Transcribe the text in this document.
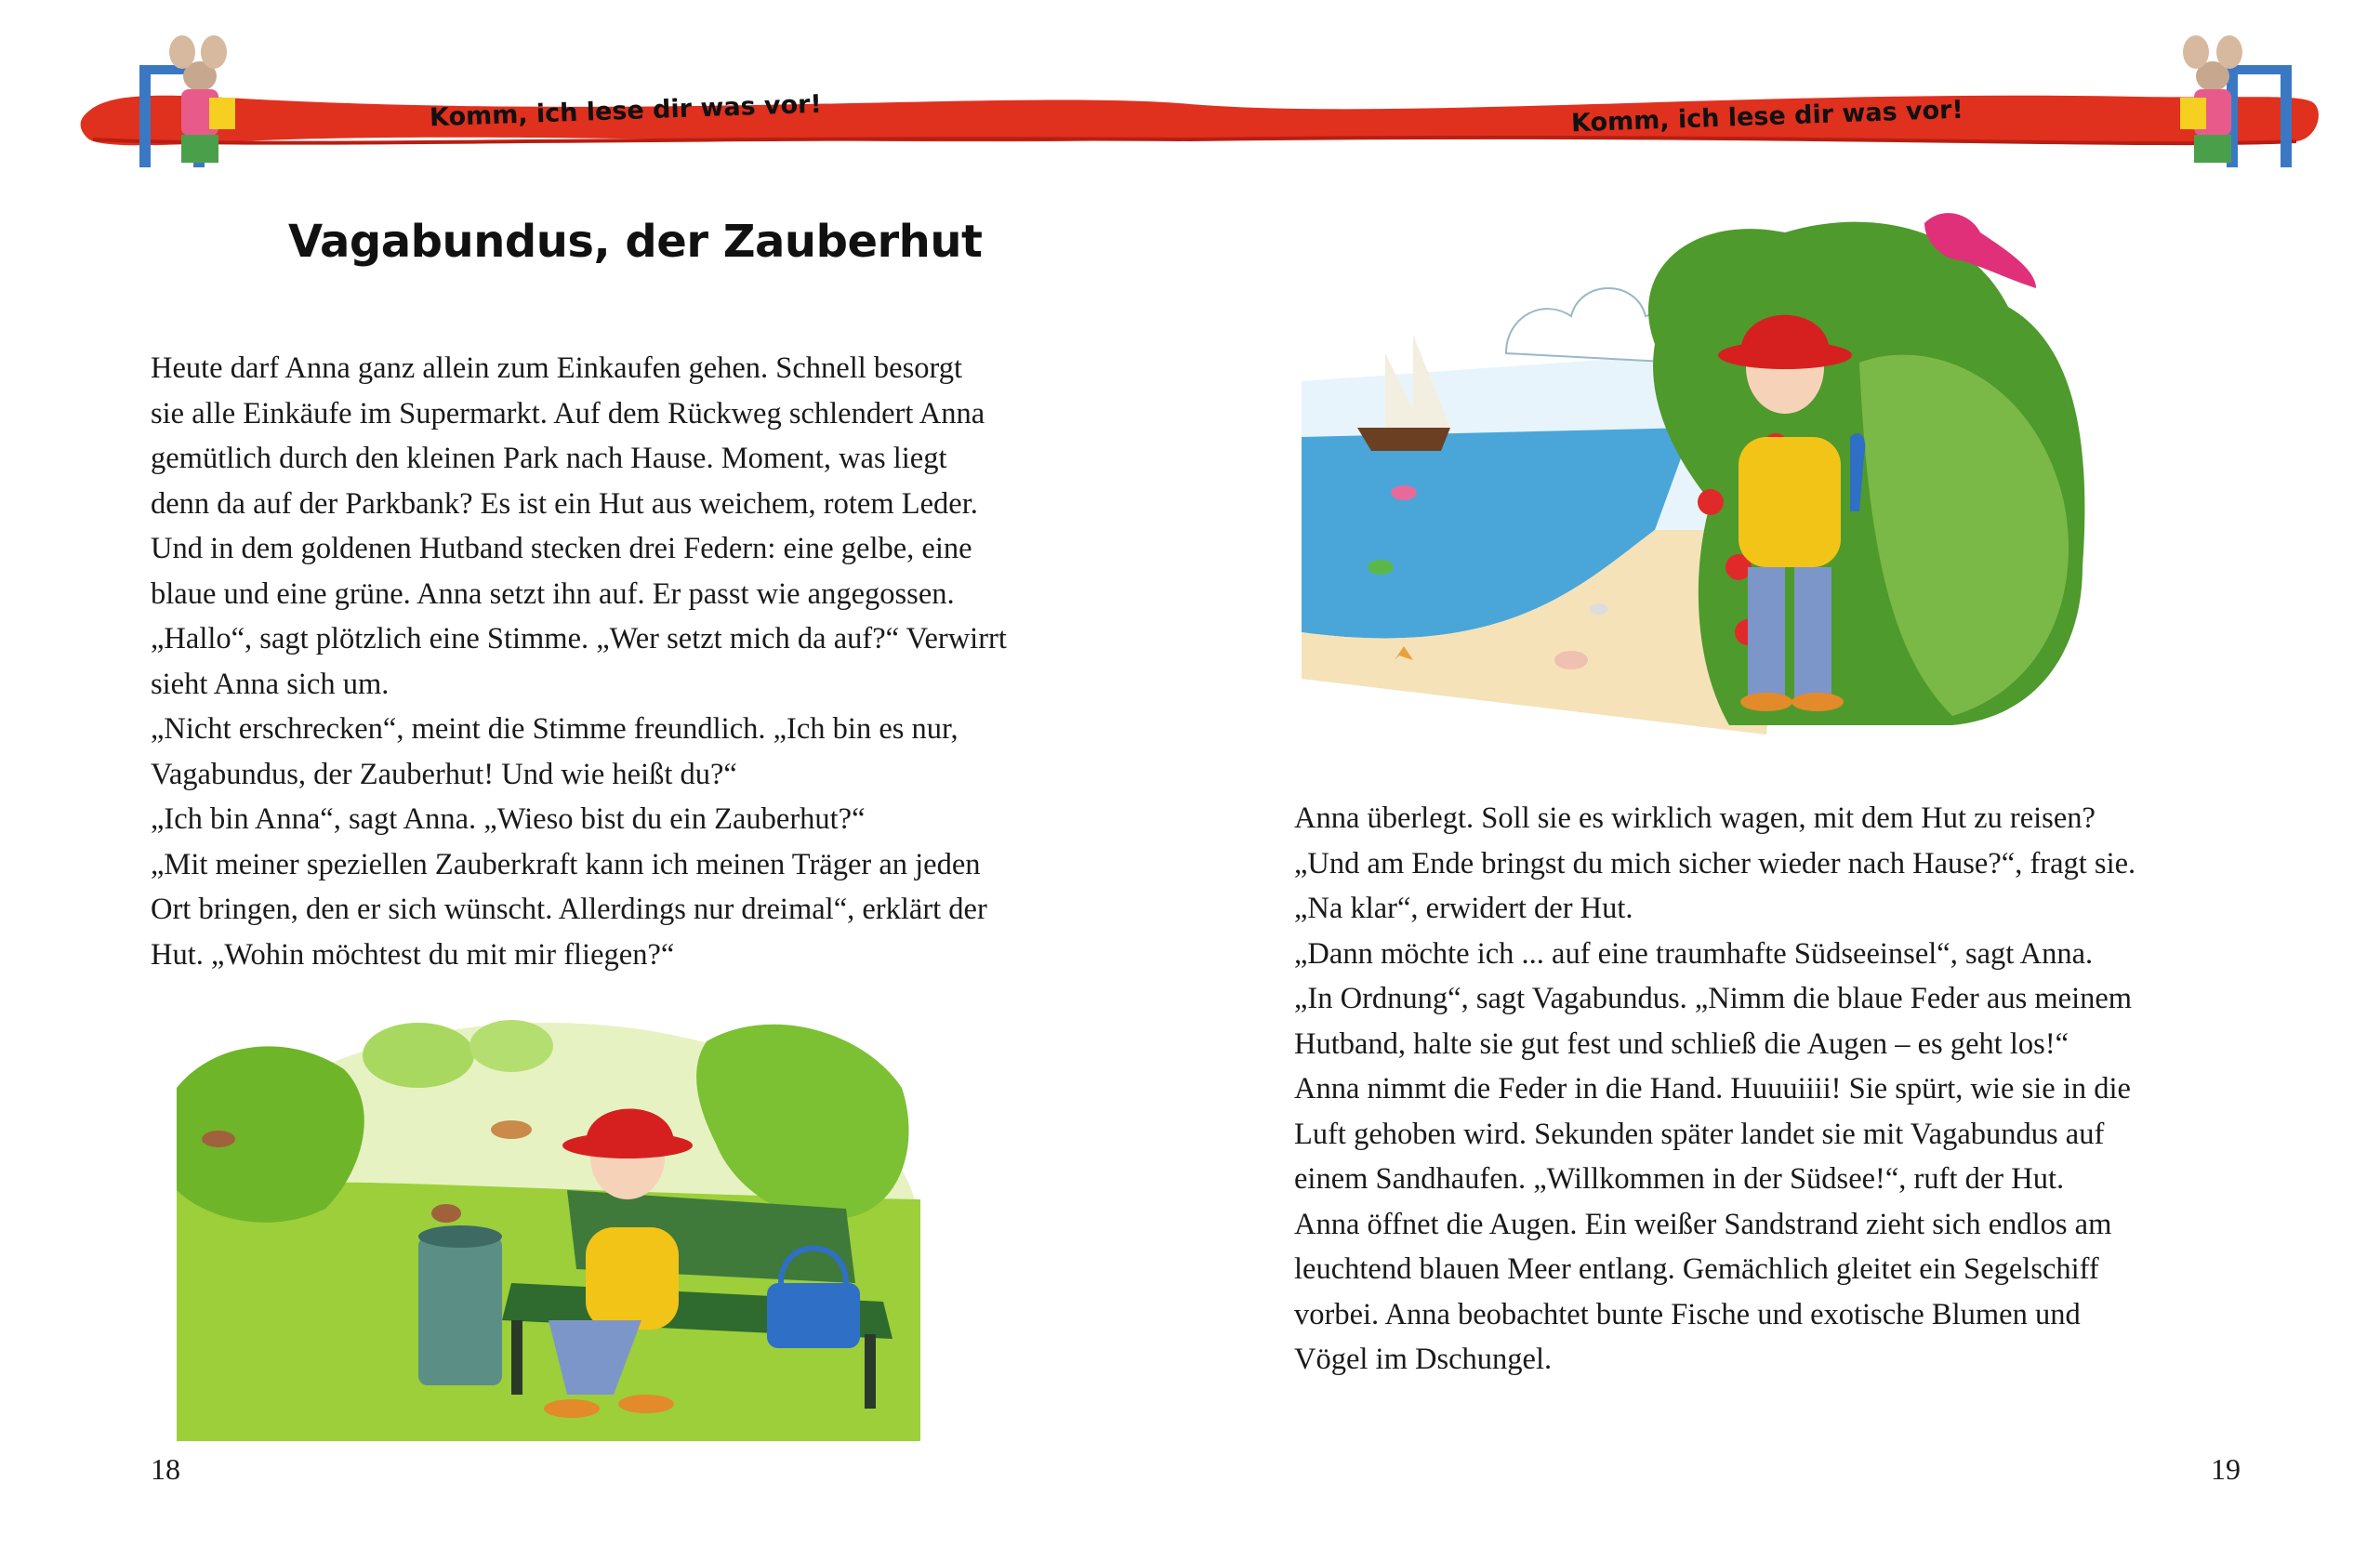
Komm, ich lese dir was vor!	Komm, ich lese dir was vor!
Vagabundus, der Zauberhut

Heute darf Anna ganz allein zum Einkaufen gehen. Schnell besorgt

sie alle Einkäufe im Supermarkt. Auf dem Rückweg schlendert Anna

gemütlich durch den kleinen Park nach Hause. Moment, was liegt

denn da auf der Parkbank? Es ist ein Hut aus weichem, rotem Leder.

Und in dem goldenen Hutband stecken drei Federn: eine gelbe, eine

blaue und eine grüne. Anna setzt ihn auf. Er passt wie angegossen.

„Hallo“, sagt plötzlich eine Stimme. „Wer setzt mich da auf?“ Verwirrt

sieht Anna sich um.

„Nicht erschrecken“, meint die Stimme freundlich. „Ich bin es nur,

Vagabundus, der Zauberhut! Und wie heißt du?“

„Ich bin Anna“, sagt Anna. „Wieso bist du ein Zauberhut?“

„Mit meiner speziellen Zauberkraft kann ich meinen Träger an jeden

Ort bringen, den er sich wünscht. Allerdings nur dreimal“, erklärt der

Hut. „Wohin möchtest du mit mir fliegen?“

18

Anna überlegt. Soll sie es wirklich wagen, mit dem Hut zu reisen?

„Und am Ende bringst du mich sicher wieder nach Hause?“, fragt sie.

„Na klar“, erwidert der Hut.

„Dann möchte ich ... auf eine traumhafte Südseeinsel“, sagt Anna.

„In Ordnung“, sagt Vagabundus. „Nimm die blaue Feder aus meinem

Hutband, halte sie gut fest und schließ die Augen – es geht los!“

Anna nimmt die Feder in die Hand. Huuuiiii! Sie spürt, wie sie in die

Luft gehoben wird. Sekunden später landet sie mit Vagabundus auf

einem Sandhaufen. „Willkommen in der Südsee!“, ruft der Hut.

Anna öffnet die Augen. Ein weißer Sandstrand zieht sich endlos am

leuchtend blauen Meer entlang. Gemächlich gleitet ein Segelschiff

vorbei. Anna beobachtet bunte Fische und exotische Blumen und

Vögel im Dschungel.

19
